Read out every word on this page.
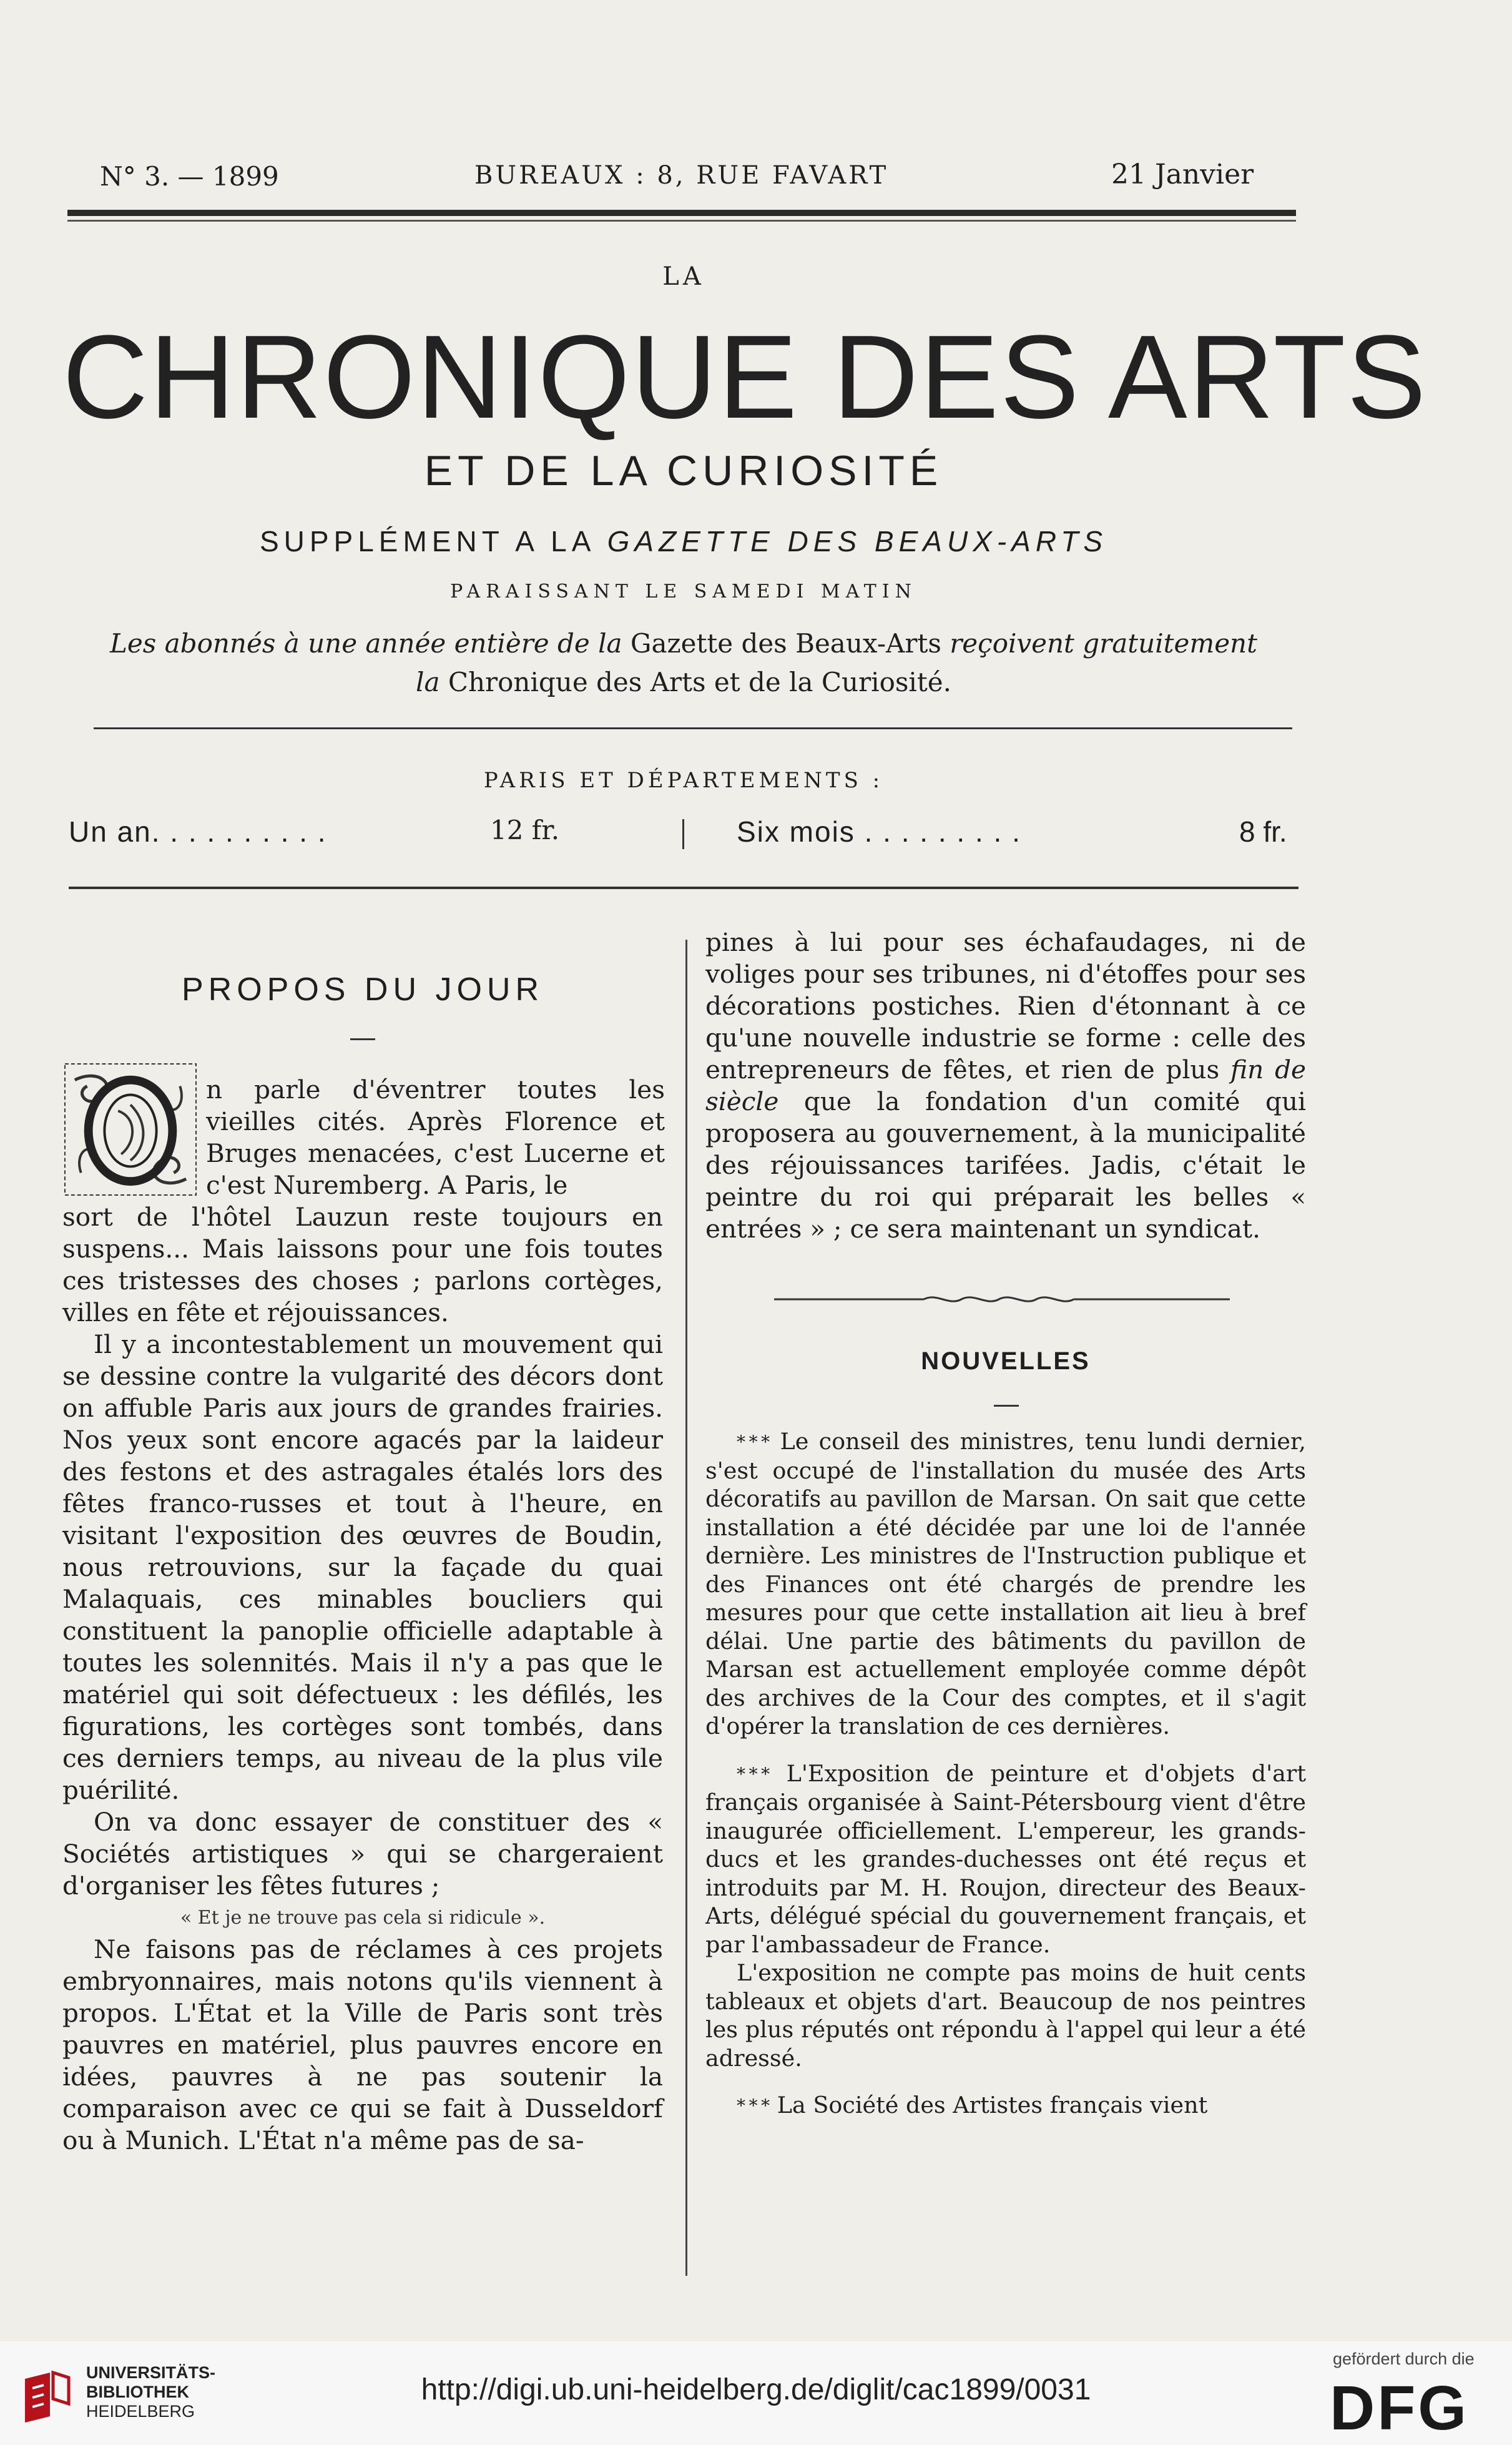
N° 3. — 1899	BUREAUX : 8, RUE FAVART	21 Janvier
LA
CHRONIQUE DES ARTS
ET DE LA CURIOSITÉ
SUPPLÉMENT A LA GAZETTE DES BEAUX-ARTS
PARAISSANT LE SAMEDI MATIN
Les abonnés à une année entière de la Gazette des Beaux-Arts reçoivent gratuitement
la Chronique des Arts et de la Curiosité.
PARIS ET DÉPARTEMENTS :
Un an. . . . . . . . . .	12 fr.	Six mois . . . . . . . . .	8 fr.
PROPOS DU JOUR
n parle d'éventrer toutes les vieilles cités. Après Florence et Bruges menacées, c'est Lucerne et c'est Nuremberg. A Paris, le

sort de l'hôtel Lauzun reste toujours en suspens... Mais laissons pour une fois toutes ces tristesses des choses ; parlons cortèges, villes en fête et réjouissances.

Il y a incontestablement un mouvement qui se dessine contre la vulgarité des décors dont on affuble Paris aux jours de grandes frairies. Nos yeux sont encore agacés par la laideur des festons et des astragales étalés lors des fêtes franco-russes et tout à l'heure, en visitant l'exposition des œuvres de Boudin, nous retrouvions, sur la façade du quai Malaquais, ces minables boucliers qui constituent la panoplie officielle adaptable à toutes les solennités. Mais il n'y a pas que le matériel qui soit défectueux : les défilés, les figurations, les cortèges sont tombés, dans ces derniers temps, au niveau de la plus vile puérilité.

On va donc essayer de constituer des « Sociétés artistiques » qui se chargeraient d'organiser les fêtes futures ;

« Et je ne trouve pas cela si ridicule ».

Ne faisons pas de réclames à ces projets embryonnaires, mais notons qu'ils viennent à propos. L'État et la Ville de Paris sont très pauvres en matériel, plus pauvres encore en idées, pauvres à ne pas soutenir la comparaison avec ce qui se fait à Dusseldorf ou à Munich. L'État n'a même pas de sa-

pines à lui pour ses échafaudages, ni de voliges pour ses tribunes, ni d'étoffes pour ses décorations postiches. Rien d'étonnant à ce qu'une nouvelle industrie se forme : celle des entrepreneurs de fêtes, et rien de plus fin de siècle que la fondation d'un comité qui proposera au gouvernement, à la municipalité des réjouissances tarifées. Jadis, c'était le peintre du roi qui préparait les belles « entrées » ; ce sera maintenant un syndicat.

NOUVELLES

* * * Le conseil des ministres, tenu lundi dernier, s'est occupé de l'installation du musée des Arts décoratifs au pavillon de Marsan. On sait que cette installation a été décidée par une loi de l'année dernière. Les ministres de l'Instruction publique et des Finances ont été chargés de prendre les mesures pour que cette installation ait lieu à bref délai. Une partie des bâtiments du pavillon de Marsan est actuellement employée comme dépôt des archives de la Cour des comptes, et il s'agit d'opérer la translation de ces dernières.

* * * L'Exposition de peinture et d'objets d'art français organisée à Saint-Pétersbourg vient d'être inaugurée officiellement. L'empereur, les grands-ducs et les grandes-duchesses ont été reçus et introduits par M. H. Roujon, directeur des Beaux-Arts, délégué spécial du gouvernement français, et par l'ambassadeur de France.

L'exposition ne compte pas moins de huit cents tableaux et objets d'art. Beaucoup de nos peintres les plus réputés ont répondu à l'appel qui leur a été adressé.

* * * La Société des Artistes français vient

UNIVERSITÄTS-
BIBLIOTHEK
HEIDELBERG
http://digi.ub.uni-heidelberg.de/diglit/cac1899/0031
gefördert durch die
DFG
